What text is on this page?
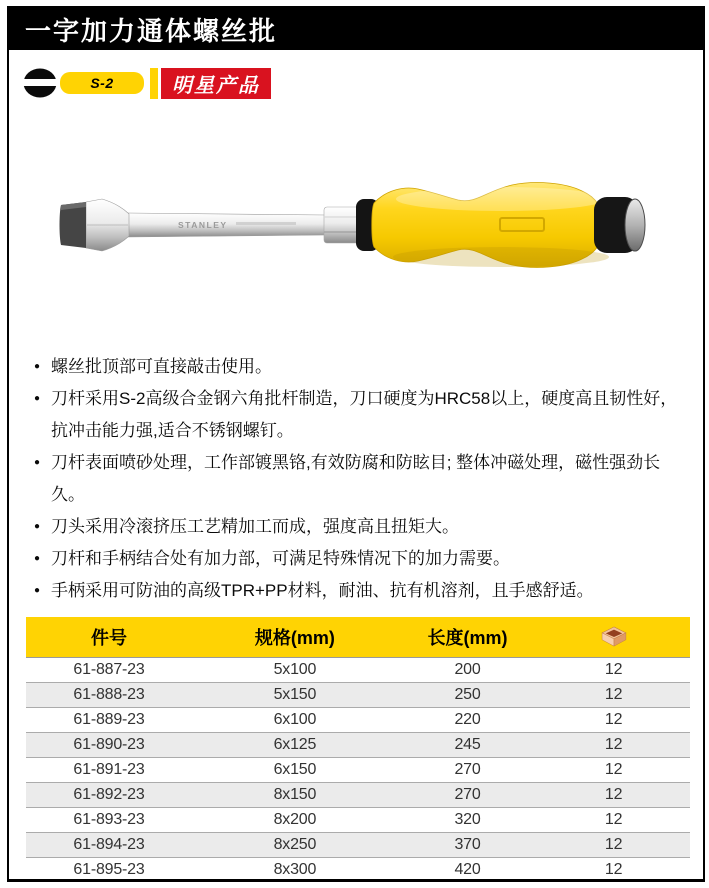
一字加力通体螺丝批
S-2	明星产品
STANLEY
● 螺丝批顶部可直接敲击使用。
● 刀杆采用S-2高级合金钢六角批杆制造，刀口硬度为HRC58以上，硬度高且韧性好，抗冲击能力强,适合不锈钢螺钉。
● 刀杆表面喷砂处理，工作部镀黑铬,有效防腐和防眩目; 整体冲磁处理，磁性强劲长久。
● 刀头采用冷滚挤压工艺精加工而成，强度高且扭矩大。
● 刀杆和手柄结合处有加力部，可满足特殊情况下的加力需要。
● 手柄采用可防油的高级TPR+PP材料，耐油、抗有机溶剂，且手感舒适。
件号	规格(mm)	长度(mm)	

61-887-23	5x100	200	12
61-888-23	5x150	250	12
61-889-23	6x100	220	12
61-890-23	6x125	245	12
61-891-23	6x150	270	12
61-892-23	8x150	270	12
61-893-23	8x200	320	12
61-894-23	8x250	370	12
61-895-23	8x300	420	12
